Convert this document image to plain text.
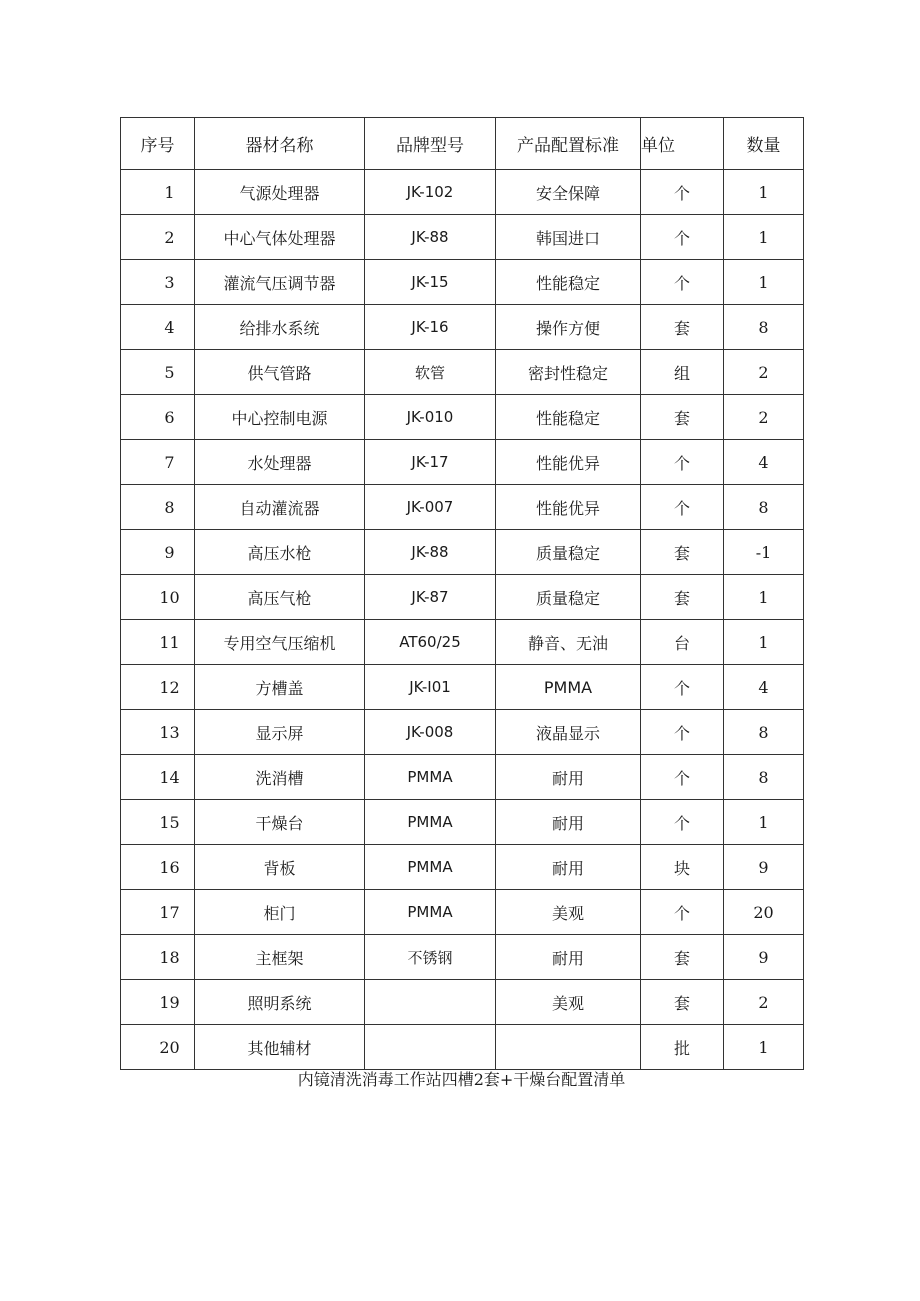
序号	器材名称	品牌型号	产品配置标准	单位	数量
1	气源处理器	JK-102	安全保障	个	1
2	中心气体处理器	JK-88	韩国进口	个	1
3	灌流气压调节器	JK-15	性能稳定	个	1
4	给排水系统	JK-16	操作方便	套	8
5	供气管路	软管	密封性稳定	组	2
6	中心控制电源	JK-010	性能稳定	套	2
7	水处理器	JK-17	性能优异	个	4
8	自动灌流器	JK-007	性能优异	个	8
9	高压水枪	JK-88	质量稳定	套	-1
10	高压气枪	JK-87	质量稳定	套	1
11	专用空气压缩机	AT60/25	静音、无油	台	1
12	方槽盖	JK-I01	PMMA	个	4
13	显示屏	JK-008	液晶显示	个	8
14	洗消槽	PMMA	耐用	个	8
15	干燥台	PMMA	耐用	个	1
16	背板	PMMA	耐用	块	9
17	柜门	PMMA	美观	个	20
18	主框架	不锈钢	耐用	套	9
19	照明系统		美观	套	2
20	其他辅材			批	1
内镜清洗消毒工作站四槽2套+干燥台配置清单
